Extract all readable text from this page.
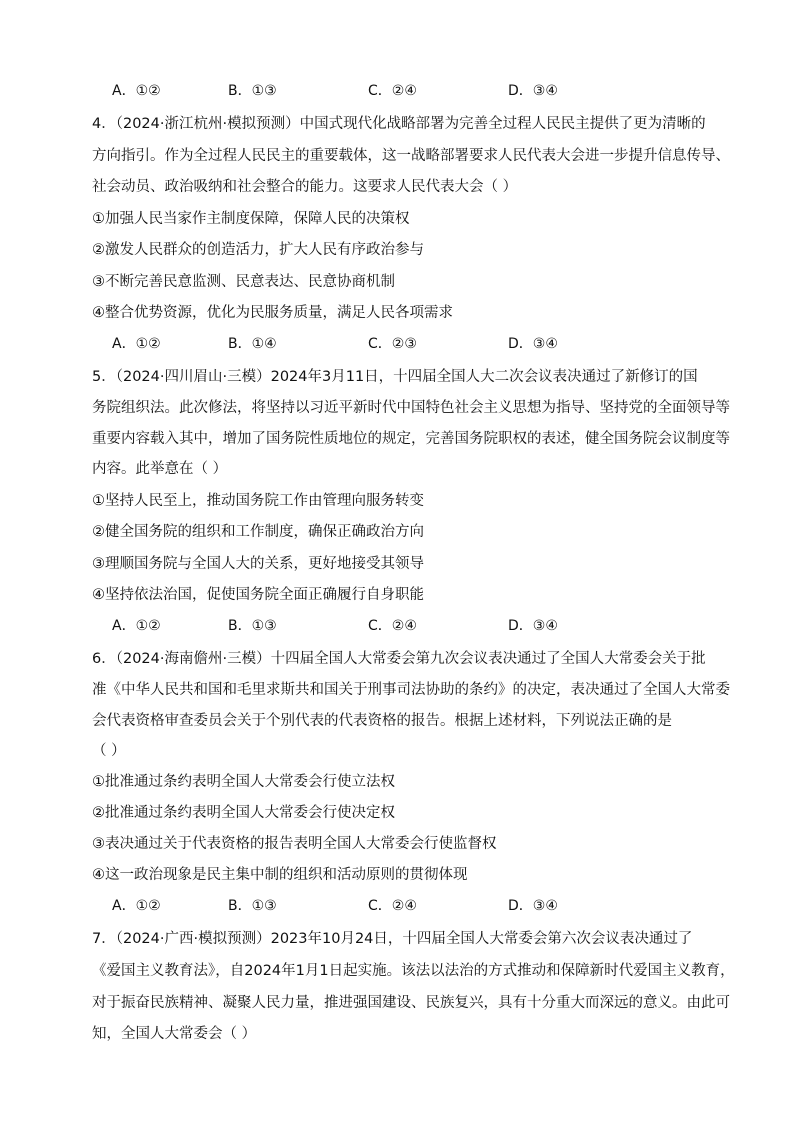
A．①②	B．①③	C．②④	D．③④
4．（2024·浙江杭州·模拟预测）中国式现代化战略部署为完善全过程人民民主提供了更为清晰的
方向指引。作为全过程人民民主的重要载体，这一战略部署要求人民代表大会进一步提升信息传导、
社会动员、政治吸纳和社会整合的能力。这要求人民代表大会（ ）
①加强人民当家作主制度保障，保障人民的决策权
②激发人民群众的创造活力，扩大人民有序政治参与
③不断完善民意监测、民意表达、民意协商机制
④整合优势资源，优化为民服务质量，满足人民各项需求
A．①②	B．①④	C．②③	D．③④
5．（2024·四川眉山·三模）2024年3月11日，十四届全国人大二次会议表决通过了新修订的国
务院组织法。此次修法，将坚持以习近平新时代中国特色社会主义思想为指导、坚持党的全面领导等
重要内容载入其中，增加了国务院性质地位的规定，完善国务院职权的表述，健全国务院会议制度等
内容。此举意在（ ）
①坚持人民至上，推动国务院工作由管理向服务转变
②健全国务院的组织和工作制度，确保正确政治方向
③理顺国务院与全国人大的关系，更好地接受其领导
④坚持依法治国，促使国务院全面正确履行自身职能
A．①②	B．①③	C．②④	D．③④
6．（2024·海南儋州·三模）十四届全国人大常委会第九次会议表决通过了全国人大常委会关于批
准《中华人民共和国和毛里求斯共和国关于刑事司法协助的条约》的决定，表决通过了全国人大常委
会代表资格审查委员会关于个别代表的代表资格的报告。根据上述材料，下列说法正确的是
（ ）
①批准通过条约表明全国人大常委会行使立法权
②批准通过条约表明全国人大常委会行使决定权
③表决通过关于代表资格的报告表明全国人大常委会行使监督权
④这一政治现象是民主集中制的组织和活动原则的贯彻体现
A．①②	B．①③	C．②④	D．③④
7．（2024·广西·模拟预测）2023年10月24日，十四届全国人大常委会第六次会议表决通过了
《爱国主义教育法》，自2024年1月1日起实施。该法以法治的方式推动和保障新时代爱国主义教育，
对于振奋民族精神、凝聚人民力量，推进强国建设、民族复兴，具有十分重大而深远的意义。由此可
知，全国人大常委会（ ）
